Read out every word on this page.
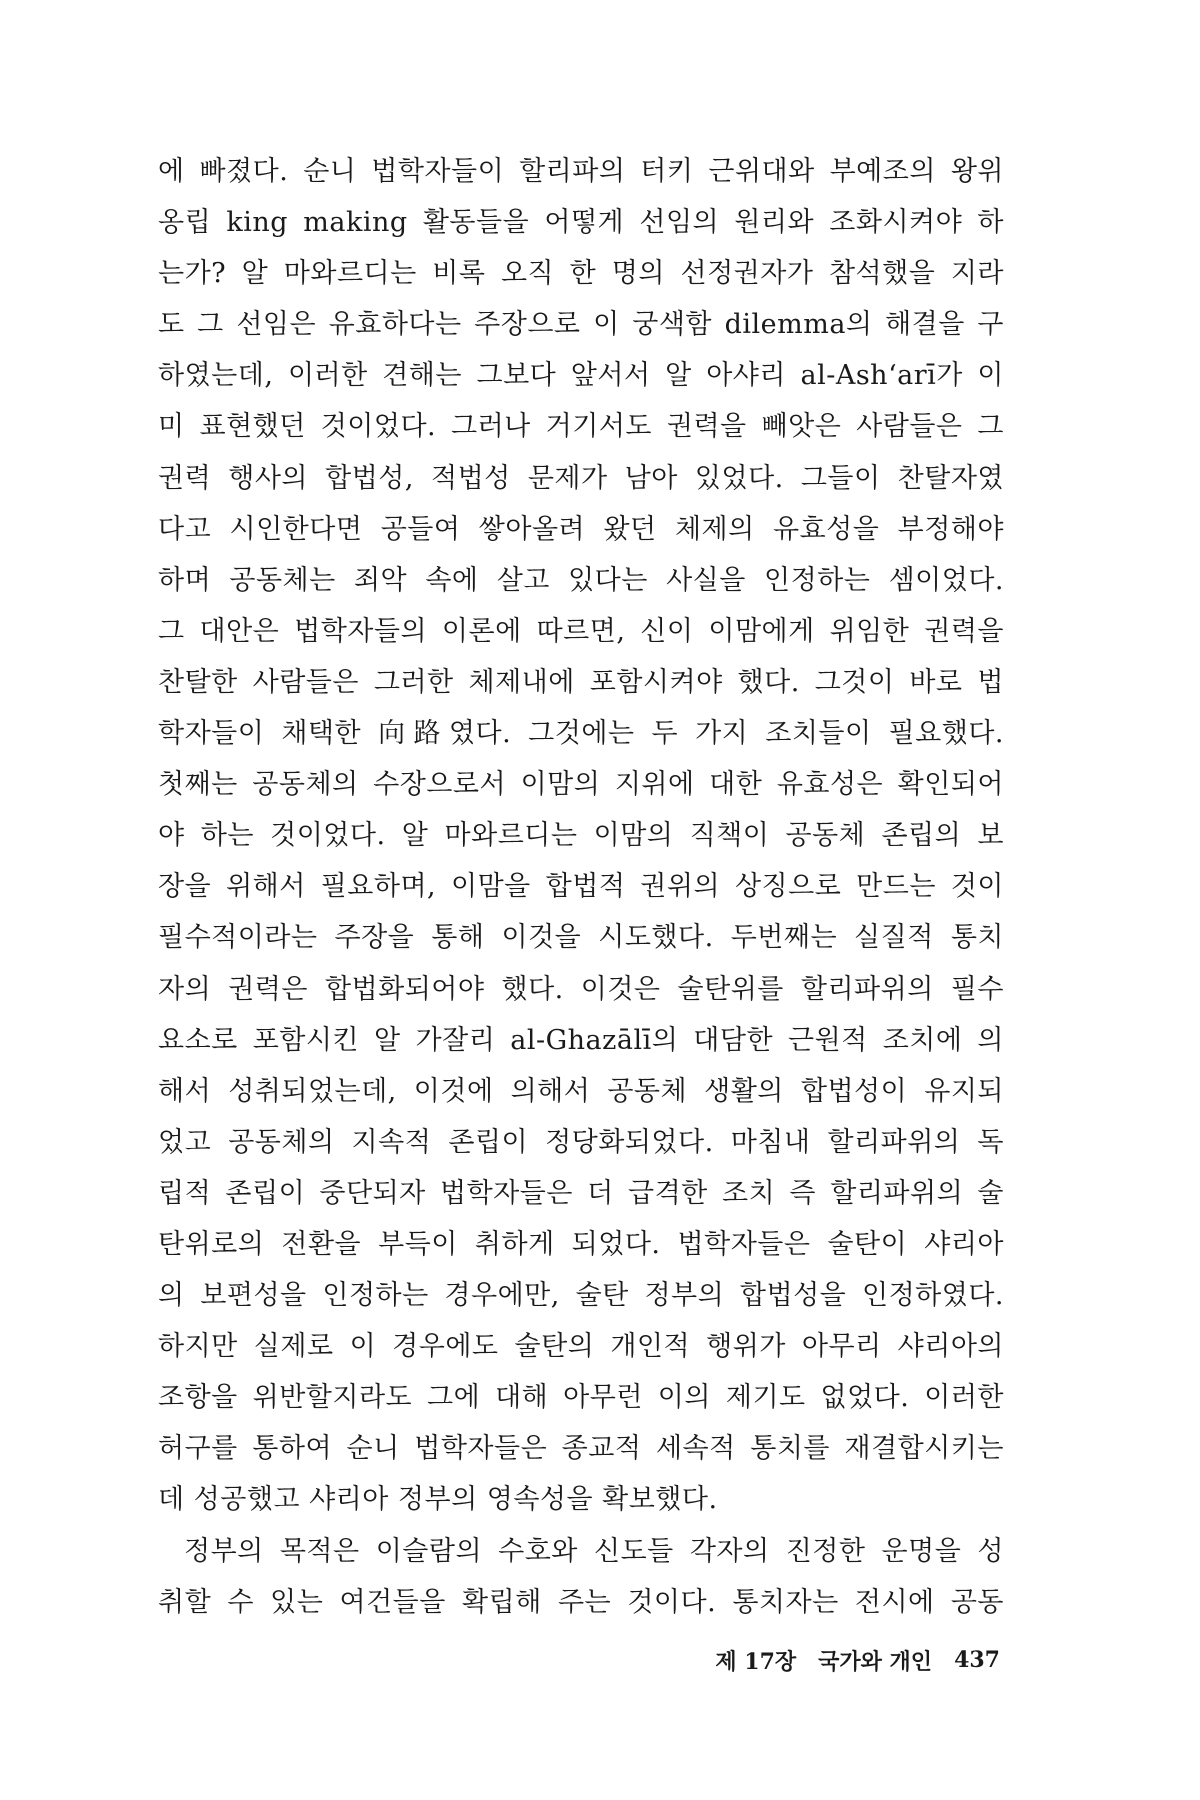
에 빠졌다. 순니 법학자들이 할리파의 터키 근위대와 부예조의 왕위
옹립 king making 활동들을 어떻게 선임의 원리와 조화시켜야 하
는가? 알 마와르디는 비록 오직 한 명의 선정권자가 참석했을 지라
도 그 선임은 유효하다는 주장으로 이 궁색함 dilemma의 해결을 구
하였는데, 이러한 견해는 그보다 앞서서 알 아샤리 al-Ash‘arī가 이
미 표현했던 것이었다. 그러나 거기서도 권력을 빼앗은 사람들은 그
권력 행사의 합법성, 적법성 문제가 남아 있었다. 그들이 찬탈자였
다고 시인한다면 공들여 쌓아올려 왔던 체제의 유효성을 부정해야
하며 공동체는 죄악 속에 살고 있다는 사실을 인정하는 셈이었다.
그 대안은 법학자들의 이론에 따르면, 신이 이맘에게 위임한 권력을
찬탈한 사람들은 그러한 체제내에 포함시켜야 했다. 그것이 바로 법
학자들이 채택한 向路였다. 그것에는 두 가지 조치들이 필요했다.
첫째는 공동체의 수장으로서 이맘의 지위에 대한 유효성은 확인되어
야 하는 것이었다. 알 마와르디는 이맘의 직책이 공동체 존립의 보
장을 위해서 필요하며, 이맘을 합법적 권위의 상징으로 만드는 것이
필수적이라는 주장을 통해 이것을 시도했다. 두번째는 실질적 통치
자의 권력은 합법화되어야 했다. 이것은 술탄위를 할리파위의 필수
요소로 포함시킨 알 가잘리 al-Ghazālī의 대담한 근원적 조치에 의
해서 성취되었는데, 이것에 의해서 공동체 생활의 합법성이 유지되
었고 공동체의 지속적 존립이 정당화되었다. 마침내 할리파위의 독
립적 존립이 중단되자 법학자들은 더 급격한 조치 즉 할리파위의 술
탄위로의 전환을 부득이 취하게 되었다. 법학자들은 술탄이 샤리아
의 보편성을 인정하는 경우에만, 술탄 정부의 합법성을 인정하였다.
하지만 실제로 이 경우에도 술탄의 개인적 행위가 아무리 샤리아의
조항을 위반할지라도 그에 대해 아무런 이의 제기도 없었다. 이러한
허구를 통하여 순니 법학자들은 종교적 세속적 통치를 재결합시키는
데 성공했고 샤리아 정부의 영속성을 확보했다.
정부의 목적은 이슬람의 수호와 신도들 각자의 진정한 운명을 성
취할 수 있는 여건들을 확립해 주는 것이다. 통치자는 전시에 공동
제 17장 국가와 개인 437
